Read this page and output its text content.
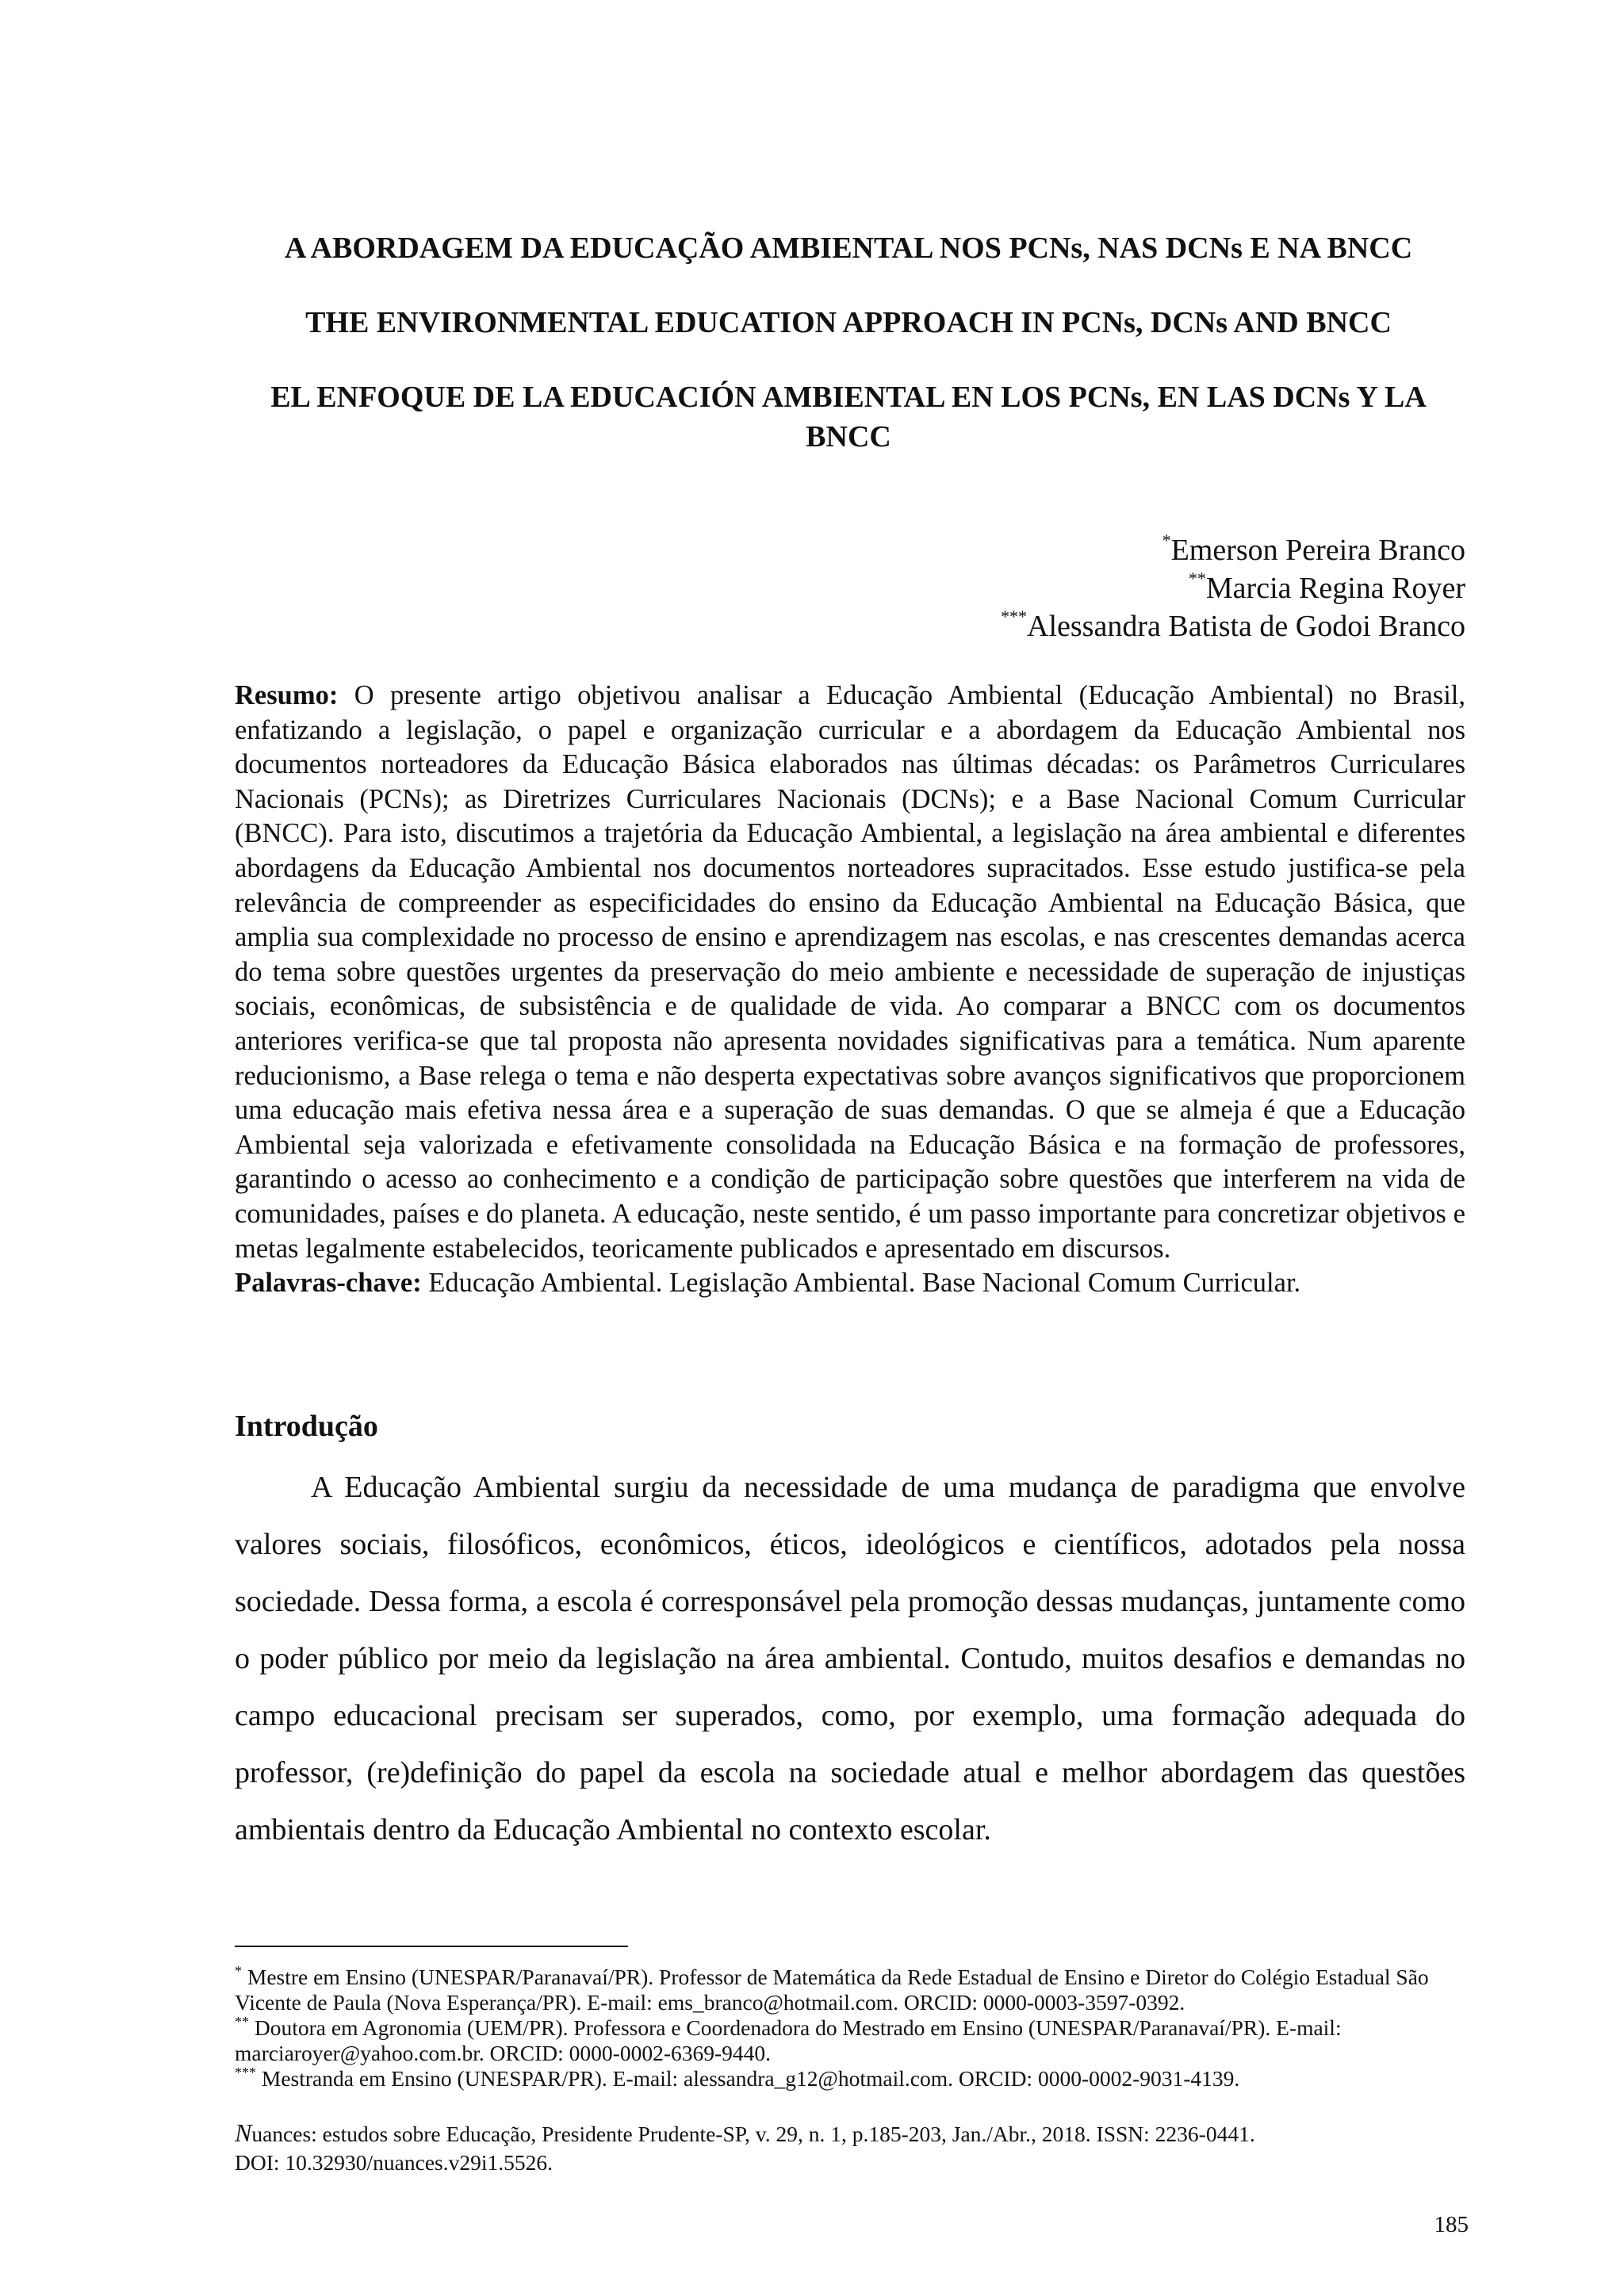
A ABORDAGEM DA EDUCAÇÃO AMBIENTAL NOS PCNs, NAS DCNs E NA BNCC
THE ENVIRONMENTAL EDUCATION APPROACH IN PCNs, DCNs AND BNCC
EL ENFOQUE DE LA EDUCACIÓN AMBIENTAL EN LOS PCNs, EN LAS DCNs Y LA BNCC
*Emerson Pereira Branco
**Marcia Regina Royer
***Alessandra Batista de Godoi Branco

Resumo: O presente artigo objetivou analisar a Educação Ambiental (Educação Ambiental) no Brasil, enfatizando a legislação, o papel e organização curricular e a abordagem da Educação Ambiental nos documentos norteadores da Educação Básica elaborados nas últimas décadas: os Parâmetros Curriculares Nacionais (PCNs); as Diretrizes Curriculares Nacionais (DCNs); e a Base Nacional Comum Curricular (BNCC). Para isto, discutimos a trajetória da Educação Ambiental, a legislação na área ambiental e diferentes abordagens da Educação Ambiental nos documentos norteadores supracitados. Esse estudo justifica-se pela relevância de compreender as especificidades do ensino da Educação Ambiental na Educação Básica, que amplia sua complexidade no processo de ensino e aprendizagem nas escolas, e nas crescentes demandas acerca do tema sobre questões urgentes da preservação do meio ambiente e necessidade de superação de injustiças sociais, econômicas, de subsistência e de qualidade de vida. Ao comparar a BNCC com os documentos anteriores verifica-se que tal proposta não apresenta novidades significativas para a temática. Num aparente reducionismo, a Base relega o tema e não desperta expectativas sobre avanços significativos que proporcionem uma educação mais efetiva nessa área e a superação de suas demandas. O que se almeja é que a Educação Ambiental seja valorizada e efetivamente consolidada na Educação Básica e na formação de professores, garantindo o acesso ao conhecimento e a condição de participação sobre questões que interferem na vida de comunidades, países e do planeta. A educação, neste sentido, é um passo importante para concretizar objetivos e metas legalmente estabelecidos, teoricamente publicados e apresentado em discursos.

Palavras-chave: Educação Ambiental. Legislação Ambiental. Base Nacional Comum Curricular.

Introdução

A Educação Ambiental surgiu da necessidade de uma mudança de paradigma que envolve valores sociais, filosóficos, econômicos, éticos, ideológicos e científicos, adotados pela nossa sociedade. Dessa forma, a escola é corresponsável pela promoção dessas mudanças, juntamente como o poder público por meio da legislação na área ambiental. Contudo, muitos desafios e demandas no campo educacional precisam ser superados, como, por exemplo, uma formação adequada do professor, (re)definição do papel da escola na sociedade atual e melhor abordagem das questões ambientais dentro da Educação Ambiental no contexto escolar.

* Mestre em Ensino (UNESPAR/Paranavaí/PR). Professor de Matemática da Rede Estadual de Ensino e Diretor do Colégio Estadual São Vicente de Paula (Nova Esperança/PR). E-mail: ems_branco@hotmail.com. ORCID: 0000-0003-3597-0392.

** Doutora em Agronomia (UEM/PR). Professora e Coordenadora do Mestrado em Ensino (UNESPAR/Paranavaí/PR). E-mail: marciaroyer@yahoo.com.br. ORCID: 0000-0002-6369-9440.

*** Mestranda em Ensino (UNESPAR/PR). E-mail: alessandra_g12@hotmail.com. ORCID: 0000-0002-9031-4139.

Nuances: estudos sobre Educação, Presidente Prudente-SP, v. 29, n. 1, p.185-203, Jan./Abr., 2018. ISSN: 2236-0441.

DOI: 10.32930/nuances.v29i1.5526.

185
